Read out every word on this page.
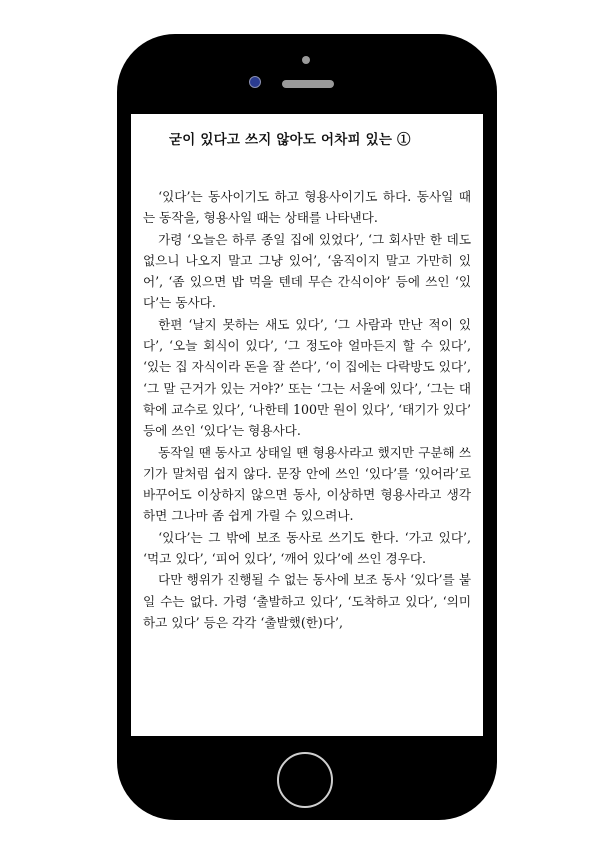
굳이 있다고 쓰지 않아도 어차피 있는 ①

‘있다’는 동사이기도 하고 형용사이기도 하다. 동사일 때는 동작을, 형용사일 때는 상태를 나타낸다.

가령 ‘오늘은 하루 종일 집에 있었다’, ‘그 회사만 한 데도 없으니 나오지 말고 그냥 있어’, ‘움직이지 말고 가만히 있어’, ‘좀 있으면 밥 먹을 텐데 무슨 간식이야’ 등에 쓰인 ‘있다’는 동사다.

한편 ‘날지 못하는 새도 있다’, ‘그 사람과 만난 적이 있다’, ‘오늘 회식이 있다’, ‘그 정도야 얼마든지 할 수 있다’, ‘있는 집 자식이라 돈을 잘 쓴다’, ‘이 집에는 다락방도 있다’, ‘그 말 근거가 있는 거야?’ 또는 ‘그는 서울에 있다’, ‘그는 대학에 교수로 있다’, ‘나한테 100만 원이 있다’, ‘태기가 있다’ 등에 쓰인 ‘있다’는 형용사다.

동작일 땐 동사고 상태일 땐 형용사라고 했지만 구분해 쓰기가 말처럼 쉽지 않다. 문장 안에 쓰인 ‘있다’를 ‘있어라’로 바꾸어도 이상하지 않으면 동사, 이상하면 형용사라고 생각하면 그나마 좀 쉽게 가릴 수 있으려나.

‘있다’는 그 밖에 보조 동사로 쓰기도 한다. ‘가고 있다’, ‘먹고 있다’, ‘피어 있다’, ‘깨어 있다’에 쓰인 경우다.

다만 행위가 진행될 수 없는 동사에 보조 동사 ‘있다’를 붙일 수는 없다. 가령 ‘출발하고 있다’, ‘도착하고 있다’, ‘의미하고 있다’ 등은 각각 ‘출발했(한)다’,
